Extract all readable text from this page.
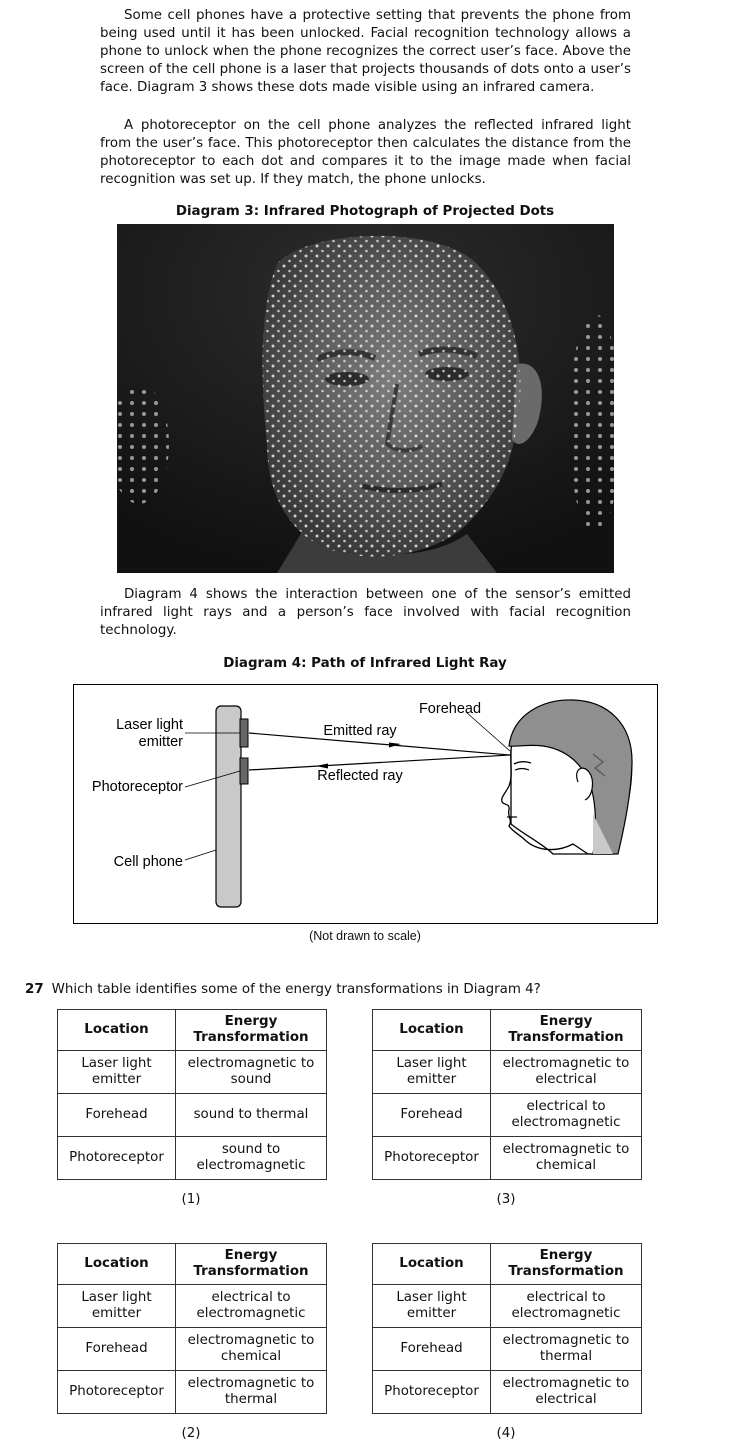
Some cell phones have a protective setting that prevents the phone from being used until it has been unlocked. Facial recognition technology allows a phone to unlock when the phone recognizes the correct user’s face. Above the screen of the cell phone is a laser that projects thousands of dots onto a user’s face. Diagram 3 shows these dots made visible using an infrared camera.

A photoreceptor on the cell phone analyzes the reflected infrared light from the user’s face. This photoreceptor then calculates the distance from the photoreceptor to each dot and compares it to the image made when facial recognition was set up. If they match, the phone unlocks.

Diagram 3: Infrared Photograph of Projected Dots

Diagram 4 shows the interaction between one of the sensor’s emitted infrared light rays and a person’s face involved with facial recognition technology.

Diagram 4: Path of Infrared Light Ray
Laser light
emitter
Photoreceptor
Cell phone
Forehead
Emitted ray
Reflected ray
(Not drawn to scale)
27 Which table identifies some of the energy transformations in Diagram 4?
Location	Energy
Transformation
Laser light
emitter	electromagnetic to
sound
Forehead	sound to thermal
Photoreceptor	sound to
electromagnetic
(1)
Location	Energy
Transformation
Laser light
emitter	electrical to
electromagnetic
Forehead	electromagnetic to
chemical
Photoreceptor	electromagnetic to
thermal
(2)
Location	Energy
Transformation
Laser light
emitter	electromagnetic to
electrical
Forehead	electrical to
electromagnetic
Photoreceptor	electromagnetic to
chemical
(3)
Location	Energy
Transformation
Laser light
emitter	electrical to
electromagnetic
Forehead	electromagnetic to
thermal
Photoreceptor	electromagnetic to
electrical
(4)
